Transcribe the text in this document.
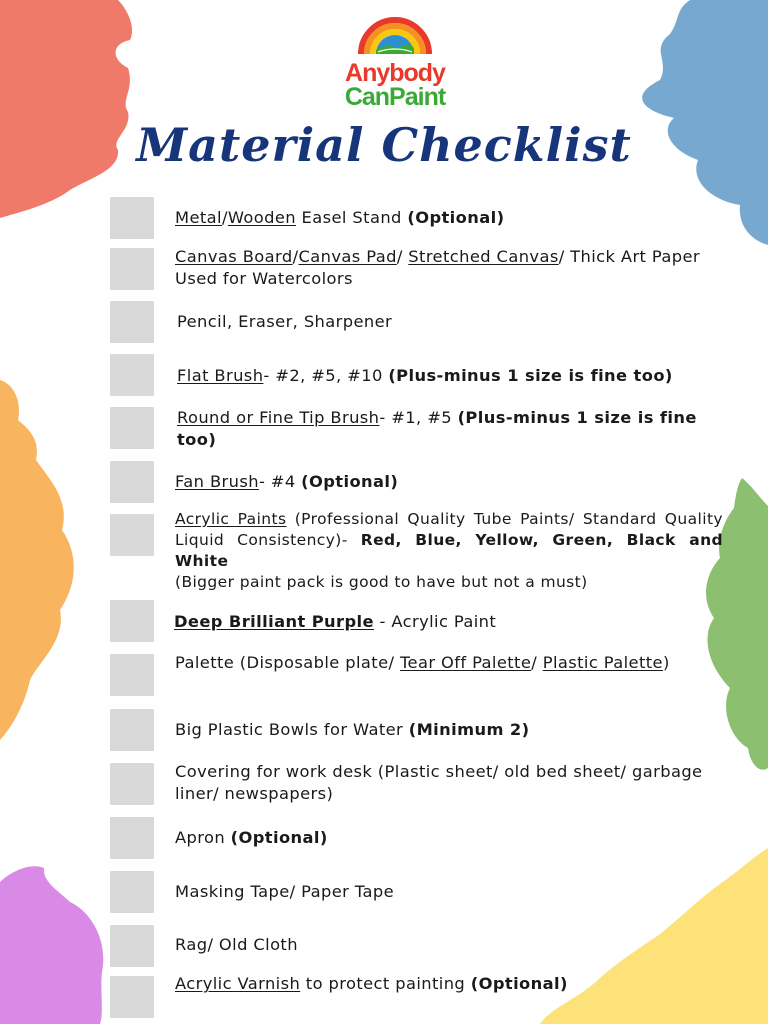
Anybody
CanPaint
Material Checklist
Metal/Wooden Easel Stand (Optional)
Canvas Board/Canvas Pad/ Stretched Canvas/ Thick Art Paper Used for Watercolors
Pencil, Eraser, Sharpener
Flat Brush- #2, #5, #10 (Plus-minus 1 size is fine too)
Round or Fine Tip Brush- #1, #5 (Plus-minus 1 size is fine too)
Fan Brush- #4 (Optional)
Acrylic Paints (Professional Quality Tube Paints/ Standard Quality Liquid Consistency)- Red, Blue, Yellow, Green, Black and White
(Bigger paint pack is good to have but not a must)
Deep Brilliant Purple - Acrylic Paint
Palette (Disposable plate/ Tear Off Palette/ Plastic Palette)
Big Plastic Bowls for Water (Minimum 2)
Covering for work desk (Plastic sheet/ old bed sheet/ garbage liner/ newspapers)
Apron (Optional)
Masking Tape/ Paper Tape
Rag/ Old Cloth
Acrylic Varnish to protect painting (Optional)
